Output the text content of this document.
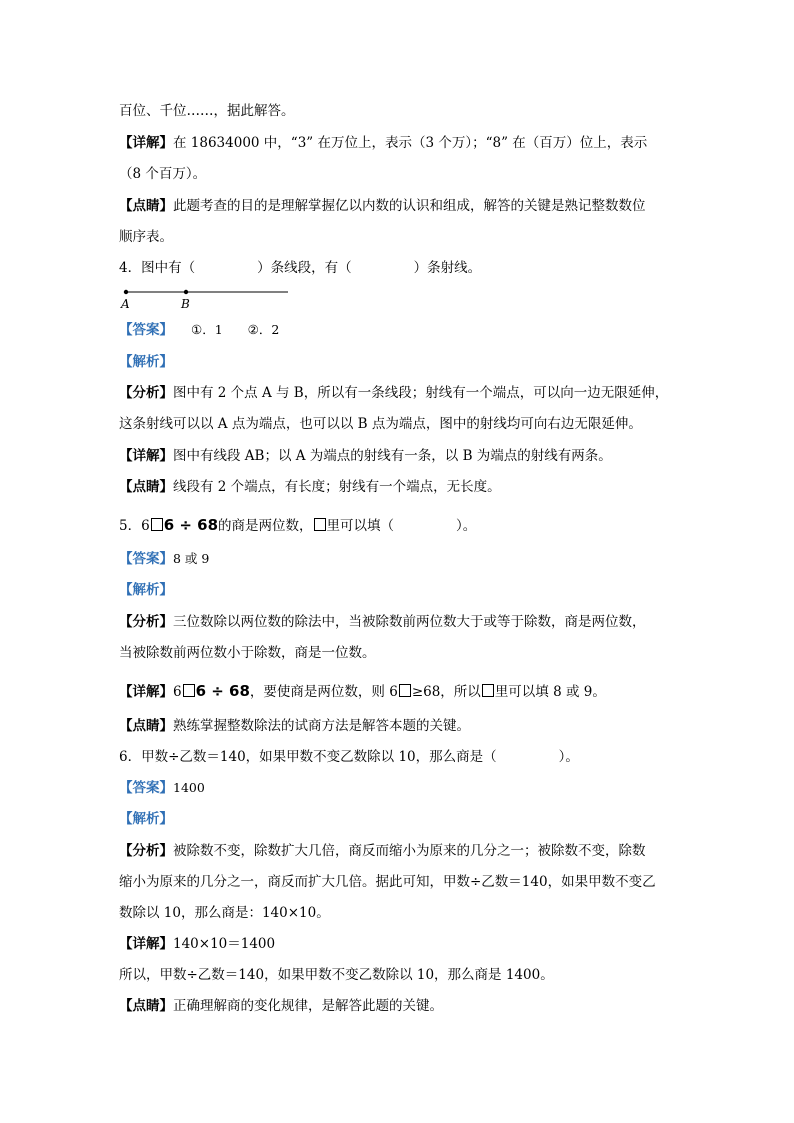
百位、千位……，据此解答。
【详解】在 18634000 中，“3” 在万位上，表示（3 个万）；“8” 在（百万）位上，表示
（8 个百万）。
【点睛】此题考查的目的是理解掌握亿以内数的认识和组成，解答的关键是熟记整数数位
顺序表。
4．图中有（	）条线段，有（	）条射线。
A	B
【答案】 ①．1　　②．2
【解析】
【分析】图中有 2 个点 A 与 B，所以有一条线段；射线有一个端点，可以向一边无限延伸，
这条射线可以以 A 点为端点，也可以以 B 点为端点，图中的射线均可向右边无限延伸。
【详解】图中有线段 AB；以 A 为端点的射线有一条，以 B 为端点的射线有两条。
【点睛】线段有 2 个端点，有长度；射线有一个端点，无长度。
5．6 6 ÷ 68的商是两位数， 里可以填（	）。
【答案】8 或 9
【解析】
【分析】三位数除以两位数的除法中，当被除数前两位数大于或等于除数，商是两位数，
当被除数前两位数小于除数，商是一位数。
【详解】6 6 ÷ 68，要使商是两位数，则 6 ≥68，所以 里可以填 8 或 9。
【点睛】熟练掌握整数除法的试商方法是解答本题的关键。
6．甲数÷乙数＝140，如果甲数不变乙数除以 10，那么商是（	）。
【答案】1400
【解析】
【分析】被除数不变，除数扩大几倍，商反而缩小为原来的几分之一；被除数不变，除数
缩小为原来的几分之一，商反而扩大几倍。据此可知，甲数÷乙数＝140，如果甲数不变乙
数除以 10，那么商是：140×10。
【详解】140×10＝1400
所以，甲数÷乙数＝140，如果甲数不变乙数除以 10，那么商是 1400。
【点睛】正确理解商的变化规律，是解答此题的关键。
